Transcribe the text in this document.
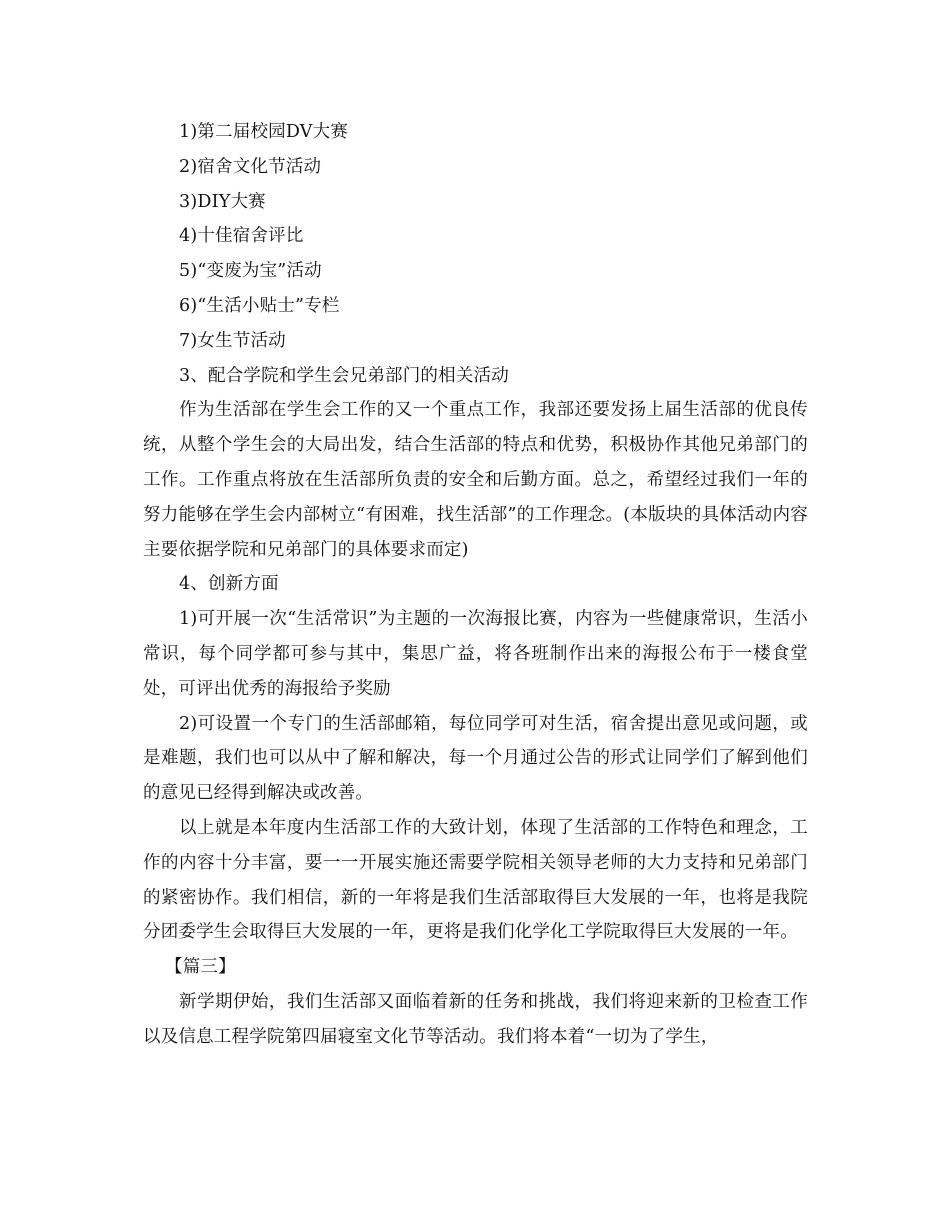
1)第二届校园DV大赛
2)宿舍文化节活动
3)DIY大赛
4)十佳宿舍评比
5)“变废为宝”活动
6)“生活小贴士”专栏
7)女生节活动
3、配合学院和学生会兄弟部门的相关活动
作为生活部在学生会工作的又一个重点工作，我部还要发扬上届生活部的优良传统，从整个学生会的大局出发，结合生活部的特点和优势，积极协作其他兄弟部门的工作。工作重点将放在生活部所负责的安全和后勤方面。总之，希望经过我们一年的努力能够在学生会内部树立“有困难，找生活部”的工作理念。(本版块的具体活动内容主要依据学院和兄弟部门的具体要求而定)
4、创新方面
1)可开展一次“生活常识”为主题的一次海报比赛，内容为一些健康常识，生活小常识，每个同学都可参与其中，集思广益，将各班制作出来的海报公布于一楼食堂处，可评出优秀的海报给予奖励
2)可设置一个专门的生活部邮箱，每位同学可对生活，宿舍提出意见或问题，或是难题，我们也可以从中了解和解决，每一个月通过公告的形式让同学们了解到他们的意见已经得到解决或改善。
以上就是本年度内生活部工作的大致计划，体现了生活部的工作特色和理念，工作的内容十分丰富，要一一开展实施还需要学院相关领导老师的大力支持和兄弟部门的紧密协作。我们相信，新的一年将是我们生活部取得巨大发展的一年，也将是我院分团委学生会取得巨大发展的一年，更将是我们化学化工学院取得巨大发展的一年。
【篇三】
新学期伊始，我们生活部又面临着新的任务和挑战，我们将迎来新的卫检查工作以及信息工程学院第四届寝室文化节等活动。我们将本着“一切为了学生，
